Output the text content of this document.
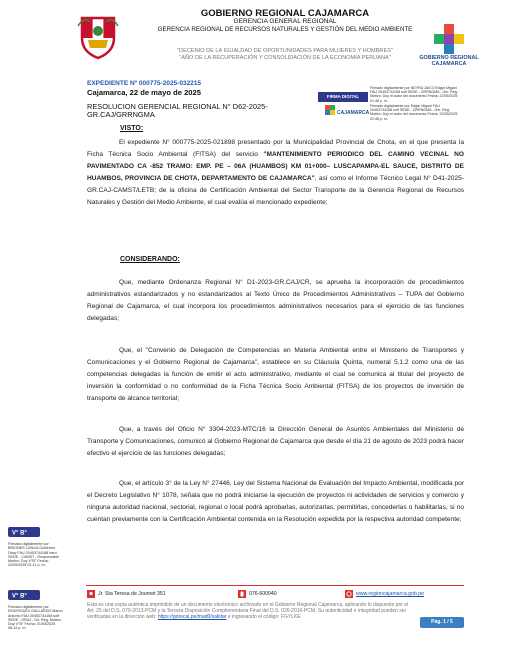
GOBIERNO REGIONAL CAJAMARCA
GERENCIA GENERAL REGIONAL
GERENCIA REGIONAL DE RECURSOS NATURALES Y GESTIÓN DEL MEDIO AMBIENTE
"DECENIO DE LA IGUALDAD DE OPORTUNIDADES PARA MUJERES Y HOMBRES"
"AÑO DE LA RECUPERACIÓN Y CONSOLIDACIÓN DE LA ECONOMÍA PERUANA"	GOBIERNO REGIONAL CAJAMARCA
EXPEDIENTE Nº 000775-2025-032215
Cajamarca, 22 de mayo de 2025
RESOLUCION GERENCIAL REGIONAL N° D62-2025-GR.CAJ/GRRNGMA
FIRMA DIGITAL
CAJAMARCA
Firmado digitalmente por NEYRA JAICO Edgar Miguel FAU 20453744168 soft SEDE - GRRNGMA - Ger. Reg. Motivo: Doy el autor del documento Fecha: 22/05/2025 01:48 p. m.
Firmado digitalmente por Edgar Miguel FAU 20453744168 soft SEDE - GRRNGMA - Ger. Reg. Motivo: Doy el autor del documento Fecha: 22/05/2025 01:48 p. m.
VISTO:
El expediente N° 000775-2025-021898 presentado por la Municipalidad Provincial de Chota, en el que presenta la Ficha Técnica Socio Ambiental (FITSA) del servicio "MANTENIMIENTO PERIODICO DEL CAMINO VECINAL NO PAVIMENTADO CA -852 TRAMO: EMP. PE – 06A (HUAMBOS) KM 01+000– LUSCAPAMPA-EL SAUCE, DISTRITO DE HUAMBOS, PROVINCIA DE CHOTA, DEPARTAMENTO DE CAJAMARCA", así como el Informe Técnico Legal N° D41-2025-GR.CAJ-CAMST/LETB; de la oficina de Certificación Ambiental del Sector Transporte de la Gerencia Regional de Recursos Naturales y Gestión del Medio Ambiente, el cual evalúa el mencionado expediente;
CONSIDERANDO:
Que, mediante Ordenanza Regional N° D1-2023-GR.CAJ/CR, se aprueba la incorporación de procedimientos administrativos estandarizados y no estandarizados al Texto Único de Procedimientos Administrativos – TUPA del Gobierno Regional de Cajamarca, el cual incorpora los procedimientos administrativos necesarios para el ejercicio de las funciones delegadas;
Que, el "Convenio de Delegación de Competencias en Materia Ambiental entre el Ministerio de Transportes y Comunicaciones y el Gobierno Regional de Cajamarca", establece en su Cláusula Quinta, numeral 5.1.2 como una de las competencias delegadas la función de emitir el acto administrativo, mediante el cual se comunica al titular del proyecto de inversión la conformidad o no conformidad de la Ficha Técnica Socio Ambiental (FITSA) de los proyectos de inversión de transporte de alcance territorial;
Que, a través del Oficio N° 3304-2023-MTC/16 la Dirección General de Asuntos Ambientales del Ministerio de Transporte y Comunicaciones, comunicó al Gobierno Regional de Cajamarca que desde el día 21 de agosto de 2023 podrá hacer efectivo el ejercicio de las funciones delegadas;
Que, el artículo 3° de la Ley N° 27446, Ley del Sistema Nacional de Evaluación del Impacto Ambiental, modificada por el Decreto Legislativo N° 1078, señala que no podrá iniciarse la ejecución de proyectos ni actividades de servicios y comercio y ninguna autoridad nacional, sectorial, regional o local podrá aprobarlas, autorizarlas, permitirlas, concederlas o habilitarlas, si no cuentan previamente con la Certificación Ambiental contenida en la Resolución expedida por la respectiva autoridad competente;
V° B°
Firmado digitalmente por BRIONES LONGA Guillermo Dacy FAU 20453744168 hard SEDE - CAMST - Responsable Motivo: Doy V°B° Fecha: 22/05/2025 01:11 p. m.
V° B°
Firmado digitalmente por RODRIGUEZ GALLARDO Marco Antonio FAU 20453744168 soft SEDE - ORAJ - Dir. Reg. Motivo: Doy V°B° Fecha: 21/05/2025 06:14 p. m.
Jr. Sta Teresa de Journet 351	076-600040	www.regioncajamarca.gob.pe
Esta es una copia auténtica imprimible de un documento electrónico archivado en el Gobierno Regional Cajamarca, aplicando lo dispuesto por el Art. 25 del D.S. 070-2013-PCM y la Tercera Disposición Complementaria Final del D.S. 026-2016-PCM. Su autenticidad e integridad pueden ser verificadas en la dirección web: https://goreca|.pe/mad0/validar e ingresando el código: FGYLKE
Pág. 1 / 5
